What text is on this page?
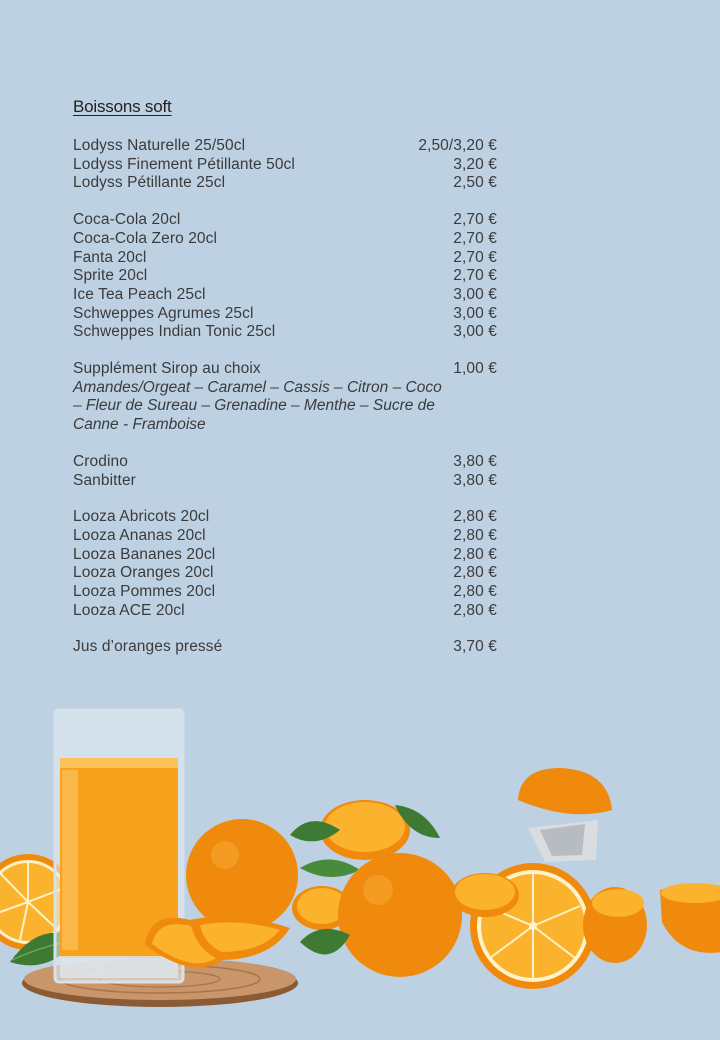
Boissons soft
Lodyss Naturelle 25/50cl	2,50/3,20 €
Lodyss Finement Pétillante 50cl	3,20 €
Lodyss Pétillante 25cl	2,50 €
Coca-Cola 20cl	2,70 €
Coca-Cola Zero 20cl	2,70 €
Fanta 20cl	2,70 €
Sprite 20cl	2,70 €
Ice Tea Peach 25cl	3,00 €
Schweppes Agrumes 25cl	3,00 €
Schweppes Indian Tonic 25cl	3,00 €
Supplément Sirop au choix	1,00 €
Amandes/Orgeat – Caramel – Cassis – Citron – Coco – Fleur de Sureau – Grenadine – Menthe – Sucre de Canne - Framboise
Crodino	3,80 €
Sanbitter	3,80 €
Looza Abricots 20cl	2,80 €
Looza Ananas 20cl	2,80 €
Looza Bananes 20cl	2,80 €
Looza Oranges 20cl	2,80 €
Looza Pommes 20cl	2,80 €
Looza ACE 20cl	2,80 €
Jus d’oranges pressé	3,70 €
